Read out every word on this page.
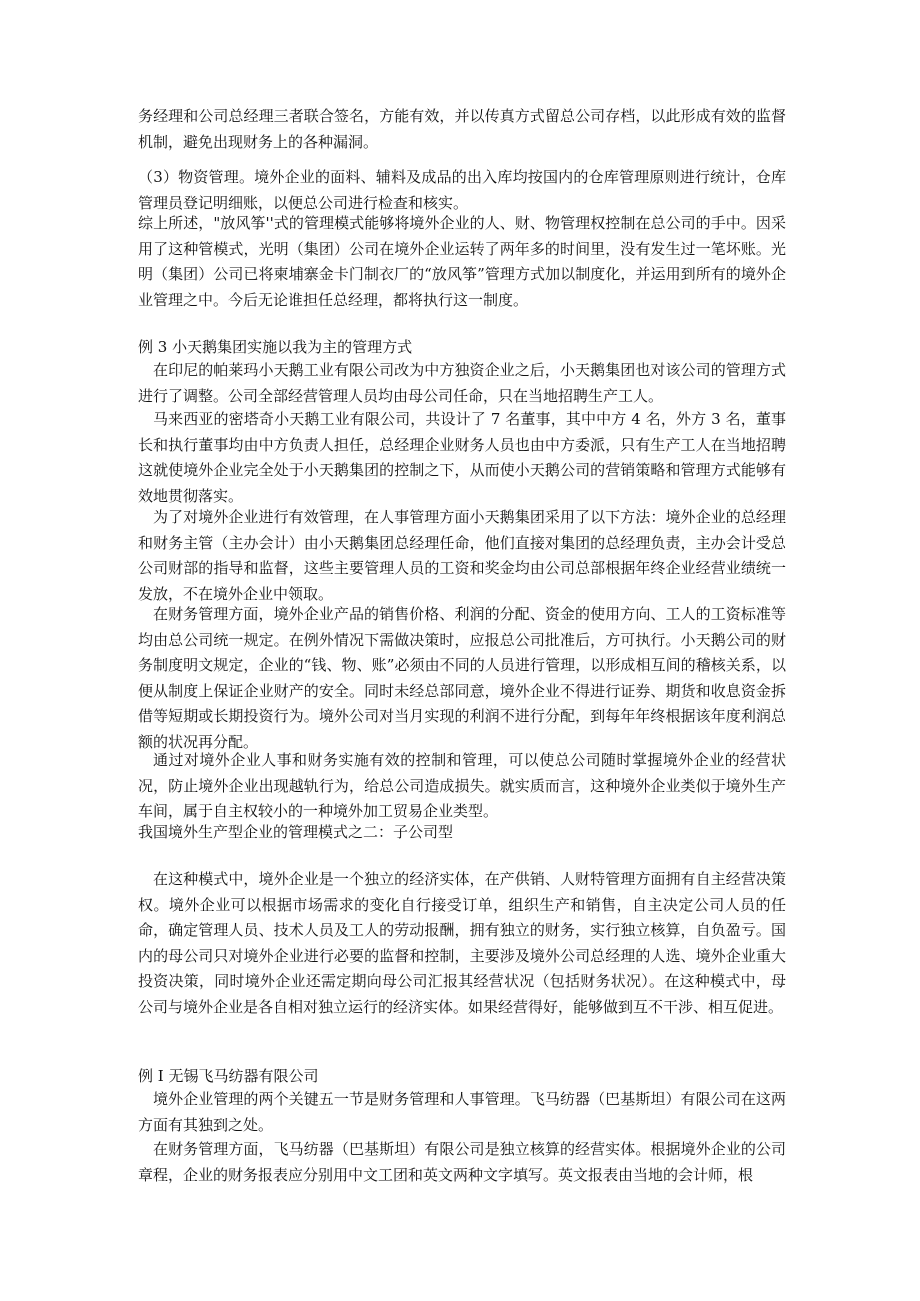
务经理和公司总经理三者联合签名，方能有效，并以传真方式留总公司存档，以此形成有效的监督机制，避免出现财务上的各种漏洞。

（3）物资管理。境外企业的面料、辅料及成品的出入库均按国内的仓库管理原则进行统计，仓库管理员登记明细账，以便总公司进行检查和核实。

综上所述，"放风筝''式的管理模式能够将境外企业的人、财、物管理权控制在总公司的手中。因采用了这种管模式，光明（集团）公司在境外企业运转了两年多的时间里，没有发生过一笔坏账。光明（集团）公司已将柬埔寨金卡门制衣厂的“放风筝”管理方式加以制度化，并运用到所有的境外企业管理之中。今后无论谁担任总经理，都将执行这一制度。

例 3 小天鹅集团实施以我为主的管理方式

在印尼的帕莱玛小天鹅工业有限公司改为中方独资企业之后，小天鹅集团也对该公司的管理方式进行了调整。公司全部经营管理人员均由母公司任命，只在当地招聘生产工人。

马来西亚的密塔奇小天鹅工业有限公司，共设计了 7 名董事，其中中方 4 名，外方 3 名，董事长和执行董事均由中方负责人担任，总经理企业财务人员也由中方委派，只有生产工人在当地招聘这就使境外企业完全处于小天鹅集团的控制之下，从而使小天鹅公司的营销策略和管理方式能够有效地贯彻落实。

为了对境外企业进行有效管理，在人事管理方面小天鹅集团采用了以下方法：境外企业的总经理和财务主管（主办会计）由小天鹅集团总经理任命，他们直接对集团的总经理负责，主办会计受总公司财部的指导和监督，这些主要管理人员的工资和奖金均由公司总部根据年终企业经营业绩统一发放，不在境外企业中领取。

在财务管理方面，境外企业产品的销售价格、利润的分配、资金的使用方向、工人的工资标准等均由总公司统一规定。在例外情况下需做决策时，应报总公司批准后，方可执行。小天鹅公司的财务制度明文规定，企业的“钱、物、账”必须由不同的人员进行管理，以形成相互间的稽核关系，以便从制度上保证企业财产的安全。同时未经总部同意，境外企业不得进行证券、期货和收息资金拆借等短期或长期投资行为。境外公司对当月实现的利润不进行分配，到每年年终根据该年度利润总额的状况再分配。

通过对境外企业人事和财务实施有效的控制和管理，可以使总公司随时掌握境外企业的经营状况，防止境外企业出现越轨行为，给总公司造成损失。就实质而言，这种境外企业类似于境外生产车间，属于自主权较小的一种境外加工贸易企业类型。

我国境外生产型企业的管理模式之二：子公司型

在这种模式中，境外企业是一个独立的经济实体，在产供销、人财特管理方面拥有自主经营决策权。境外企业可以根据市场需求的变化自行接受订单，组织生产和销售，自主决定公司人员的任命，确定管理人员、技术人员及工人的劳动报酬，拥有独立的财务，实行独立核算，自负盈亏。国内的母公司只对境外企业进行必要的监督和控制，主要涉及境外公司总经理的人选、境外企业重大投资决策，同时境外企业还需定期向母公司汇报其经营状况（包括财务状况）。在这种模式中，母公司与境外企业是各自相对独立运行的经济实体。如果经营得好，能够做到互不干涉、相互促进。

例 I 无锡飞马纺器有限公司

境外企业管理的两个关键五一节是财务管理和人事管理。飞马纺器（巴基斯坦）有限公司在这两方面有其独到之处。

在财务管理方面，飞马纺器（巴基斯坦）有限公司是独立核算的经营实体。根据境外企业的公司章程，企业的财务报表应分别用中文工团和英文两种文字填写。英文报表由当地的会计师，根
